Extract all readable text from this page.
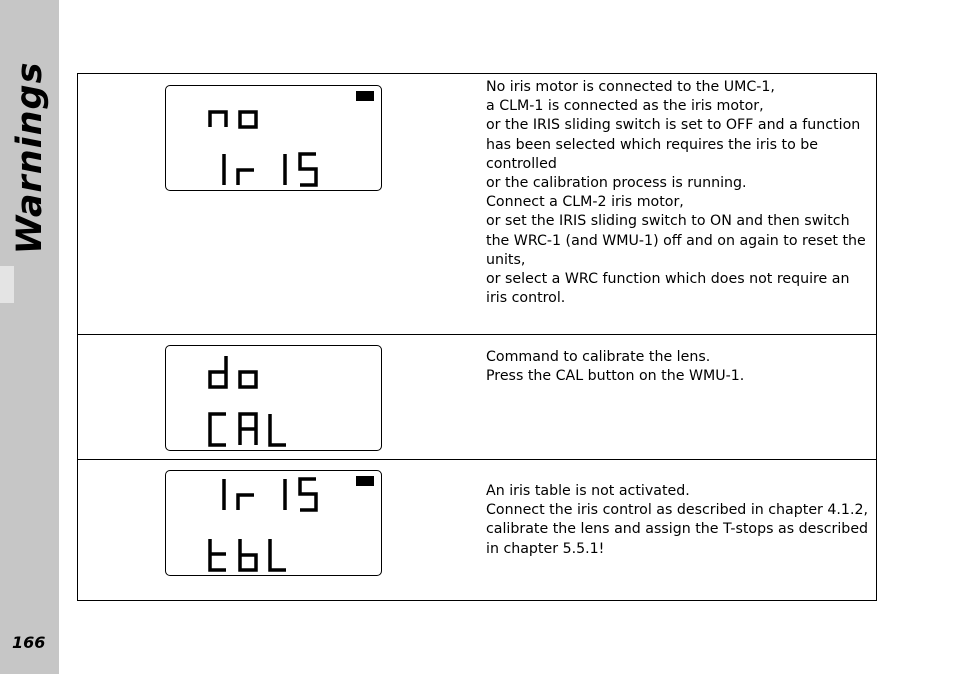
Warnings
166
No iris motor is connected to the UMC-1,
a CLM-1 is connected as the iris motor,
or the IRIS sliding switch is set to OFF and a function has been selected which requires the iris to be controlled
or the calibration process is running.
Connect a CLM-2 iris motor,
or set the IRIS sliding switch to ON and then switch the WRC-1 (and WMU-1) off and on again to reset the units,
or select a WRC function which does not require an iris control.
Command to calibrate the lens.
Press the CAL button on the WMU-1.
An iris table is not activated.
Connect the iris control as described in chapter 4.1.2, calibrate the lens and assign the T-stops as described in chapter 5.5.1!
